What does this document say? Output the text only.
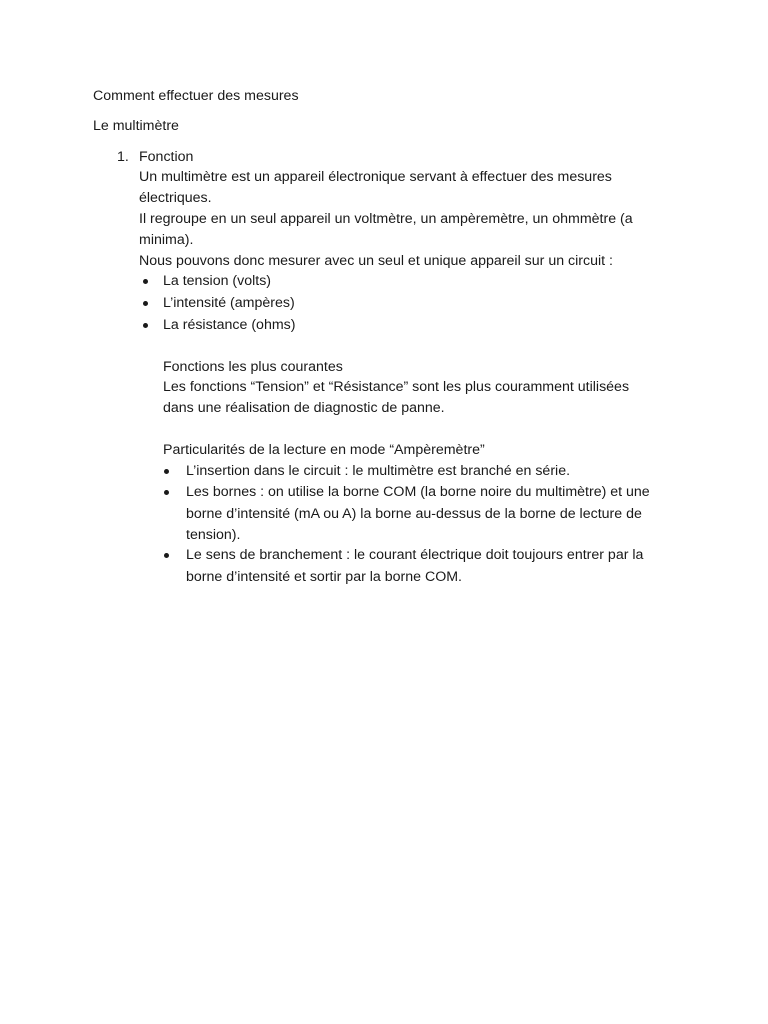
Comment effectuer des mesures
Le multimètre
1. Fonction
Un multimètre est un appareil électronique servant à effectuer des mesures
électriques.
Il regroupe en un seul appareil un voltmètre, un ampèremètre, un ohmmètre (a
minima).
Nous pouvons donc mesurer avec un seul et unique appareil sur un circuit :
La tension (volts)
L’intensité (ampères)
La résistance (ohms)
Fonctions les plus courantes
Les fonctions “Tension” et “Résistance” sont les plus couramment utilisées
dans une réalisation de diagnostic de panne.
Particularités de la lecture en mode “Ampèremètre”
L’insertion dans le circuit : le multimètre est branché en série.
Les bornes : on utilise la borne COM (la borne noire du multimètre) et une
borne d’intensité (mA ou A) la borne au-dessus de la borne de lecture de
tension).
Le sens de branchement : le courant électrique doit toujours entrer par la
borne d’intensité et sortir par la borne COM.
